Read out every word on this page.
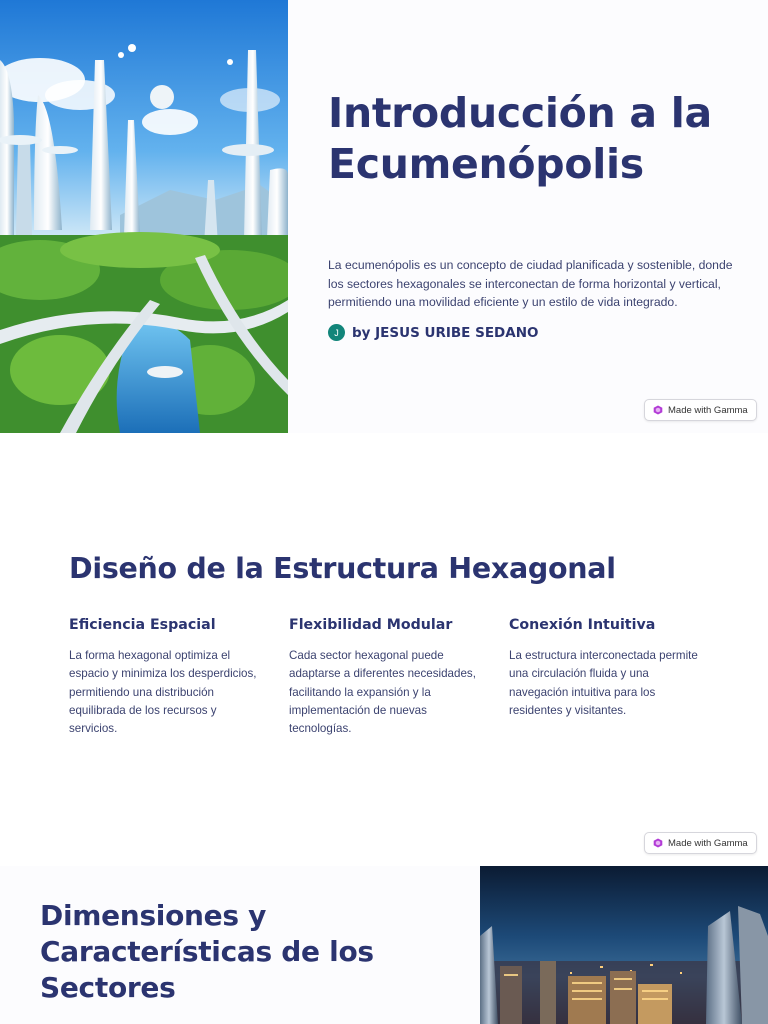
Introducción a la Ecumenópolis

La ecumenópolis es un concepto de ciudad planificada y sostenible, donde los sectores hexagonales se interconectan de forma horizontal y vertical, permitiendo una movilidad eficiente y un estilo de vida integrado.

J by JESUS URIBE SEDANO
Made with Gamma
Diseño de la Estructura Hexagonal
Eficiencia Espacial

La forma hexagonal optimiza el espacio y minimiza los desperdicios, permitiendo una distribución equilibrada de los recursos y servicios.

Flexibilidad Modular

Cada sector hexagonal puede adaptarse a diferentes necesidades, facilitando la expansión y la implementación de nuevas tecnologías.

Conexión Intuitiva

La estructura interconectada permite una circulación fluida y una navegación intuitiva para los residentes y visitantes.

Made with Gamma
Dimensiones y Características de los Sectores
